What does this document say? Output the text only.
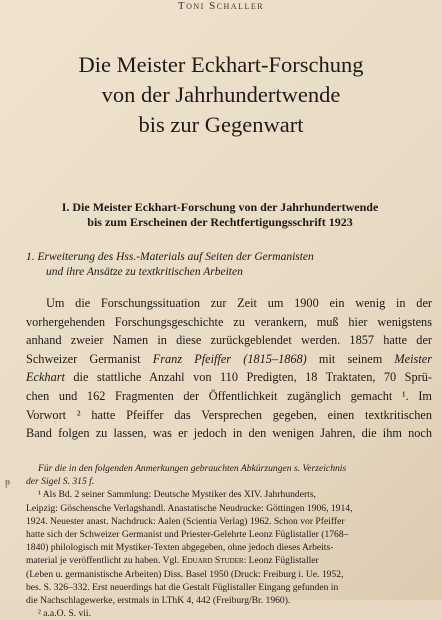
Toni Schaller
Die Meister Eckhart-Forschung
von der Jahrhundertwende
bis zur Gegenwart
I. Die Meister Eckhart-Forschung von der Jahrhundertwende
bis zum Erscheinen der Rechtfertigungsschrift 1923
1. Erweiterung des Hss.-Materials auf Seiten der Germanisten
und ihre Ansätze zu textkritischen Arbeiten
Um die Forschungssituation zur Zeit um 1900 ein wenig in der
vorhergehenden Forschungsgeschichte zu verankern, muß hier wenigstens
anhand zweier Namen in diese zurückgeblendet werden. 1857 hatte der
Schweizer Germanist Franz Pfeiffer (1815–1868) mit seinem Meister
Eckhart die stattliche Anzahl von 110 Predigten, 18 Traktaten, 70 Sprü-
chen und 162 Fragmenten der Öffentlichkeit zugänglich gemacht ¹. Im
Vorwort ² hatte Pfeiffer das Versprechen gegeben, einen textkritischen
Band folgen zu lassen, was er jedoch in den wenigen Jahren, die ihm noch
ᵽ
Für die in den folgenden Anmerkungen gebrauchten Abkürzungen s. Verzeichnis
der Sigel S. 315 f.
¹ Als Bd. 2 seiner Sammlung: Deutsche Mystiker des XIV. Jahrhunderts,
Leipzig: Göschensche Verlagshandl. Anastatische Neudrucke: Göttingen 1906, 1914,
1924. Neuester anast. Nachdruck: Aalen (Scientia Verlag) 1962. Schon vor Pfeiffer
hatte sich der Schweizer Germanist und Priester-Gelehrte Leonz Füglistaller (1768–
1840) philologisch mit Mystiker-Texten abgegeben, ohne jedoch dieses Arbeits-
material je veröffentlicht zu haben. Vgl. Eduard Studer: Leonz Füglistaller
(Leben u. germanistische Arbeiten) Diss. Basel 1950 (Druck: Freiburg i. Ue. 1952,
bes. S. 326–332. Erst neuerdings hat die Gestalt Füglistaller Eingang gefunden in
die Nachschlagewerke, erstmals in LThK 4, 442 (Freiburg/Br. 1960).
² a.a.O. S. vii.
